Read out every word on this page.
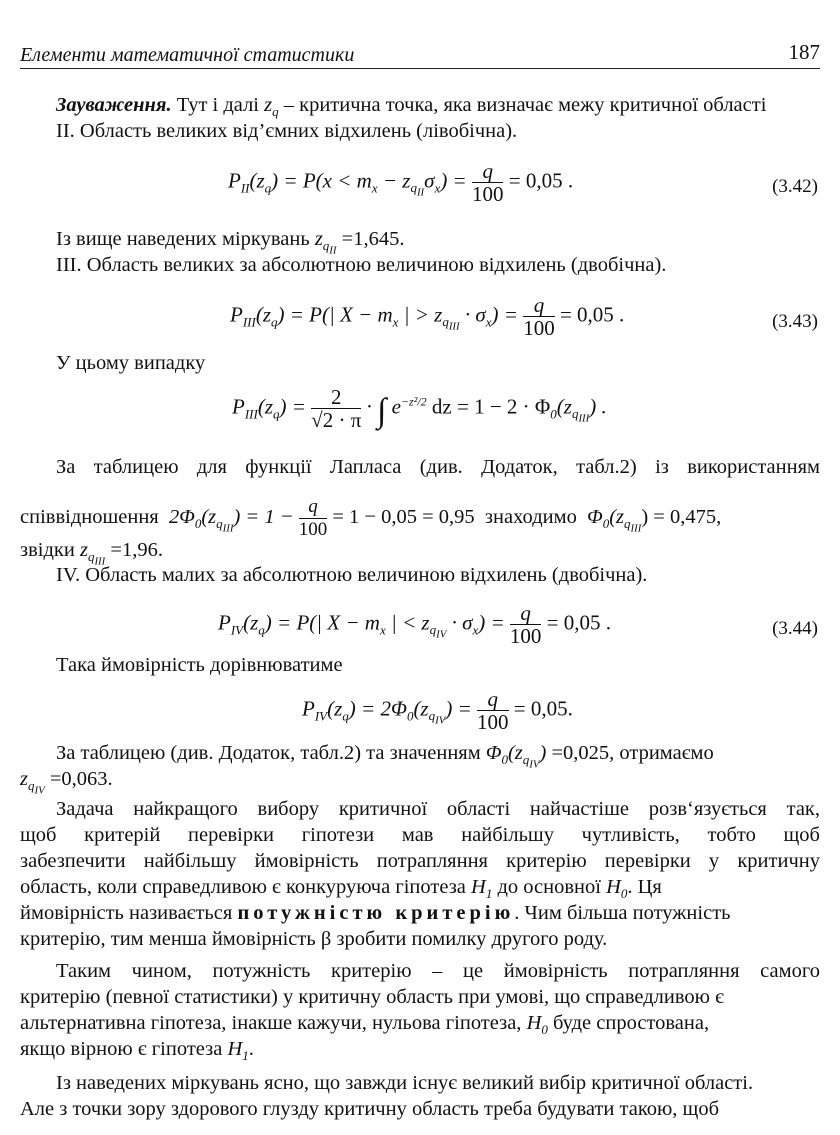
Елементи математичної статистики	187
Зауваження. Тут і далі $z_q$ – критична точка, яка визначає межу критичної області
II. Область великих від’ємних відхилень (лівобічна).
$P_{II}(z_q) = P(x < m_x - z_{q_{II}}\sigma_x) = \frac{q}{100} = 0,05$ .	(3.42)
Із вище наведених міркувань $z_{q_{II}} =1,645$.
III. Область великих за абсолютною величиною відхилень (двобічна).
$P_{III}(z_q) = P(|$ $X - m_x$ | > $z_{q_{III}} \cdot \sigma_x) = \frac{q}{100} = 0,05$ .	(3.43)
У цьому випадку
$P_{III}(z_q) = \frac{2}{√2 \cdot \pi}$ · ∫ $e^{-z^2/2}$ dz = $1 - 2 \cdot \Phi_0(z_{q_{III}})$ .
За таблицею для функції Лапласа (див. Додаток, табл.2) із використанням
співвідношення $2\Phi_0(z_{q_{III}}) = 1 - \frac{q}{100} = 1 - 0,05 = 0,95$ знаходимо $\Phi_0(z_{q_{III}}) = 0,475$,
звідки $z_{q_{III}} =1,96$.
IV. Область малих за абсолютною величиною відхилень (двобічна).
$P_{IV}(z_q) = P(|$ $X - m_x$ | < $z_{q_{IV}} \cdot \sigma_x) = \frac{q}{100} = 0,05$ .	(3.44)
Така ймовірність дорівнюватиме
$P_{IV}(z_q) = 2\Phi_0(z_{q_{IV}}) = \frac{q}{100} = 0,05$.
За таблицею (див. Додаток, табл.2) та значенням $\Phi_0(z_{q_{IV}}) =0,025$, отримаємо
$z_{q_{IV}} =0,063$.
Задача найкращого вибору критичної області найчастіше розв‘язується так,
щоб критерій перевірки гіпотези мав найбільшу чутливість, тобто щоб
забезпечити найбільшу ймовірність потрапляння критерію перевірки у критичну
область, коли справедливою є конкуруюча гіпотеза $H_1$ до основної $H_0$. Ця
ймовірність називається потужністю критерію. Чим більша потужність
критерію, тим менша ймовірність β зробити помилку другого роду.
Таким чином, потужність критерію – це ймовірність потрапляння самого
критерію (певної статистики) у критичну область при умові, що справедливою є
альтернативна гіпотеза, інакше кажучи, нульова гіпотеза, $H_0$ буде спростована,
якщо вірною є гіпотеза $H_1$.
Із наведених міркувань ясно, що завжди існує великий вибір критичної області.
Але з точки зору здорового глузду критичну область треба будувати такою, щоб
